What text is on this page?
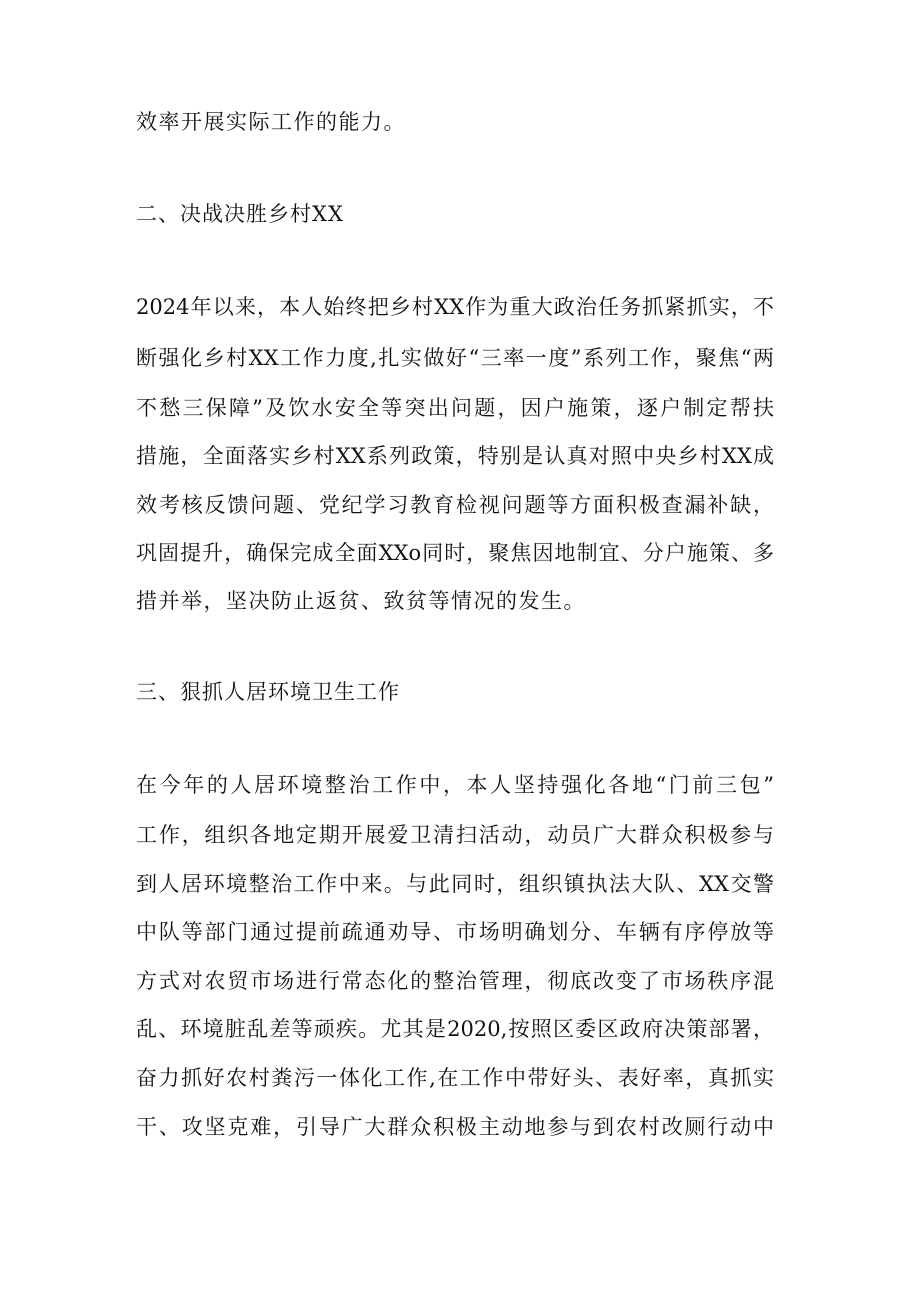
效率开展实际工作的能力。
二、决战决胜乡村XX
2024年以来，本人始终把乡村XX作为重大政治任务抓紧抓实，不
断强化乡村XX工作力度,扎实做好“三率一度”系列工作，聚焦“两
不愁三保障”及饮水安全等突出问题，因户施策，逐户制定帮扶
措施，全面落实乡村XX系列政策，特别是认真对照中央乡村XX成
效考核反馈问题、党纪学习教育检视问题等方面积极查漏补缺，
巩固提升，确保完成全面XXo同时，聚焦因地制宜、分户施策、多
措并举，坚决防止返贫、致贫等情况的发生。
三、狠抓人居环境卫生工作
在今年的人居环境整治工作中，本人坚持强化各地“门前三包”
工作，组织各地定期开展爱卫清扫活动，动员广大群众积极参与
到人居环境整治工作中来。与此同时，组织镇执法大队、XX交警
中队等部门通过提前疏通劝导、市场明确划分、车辆有序停放等
方式对农贸市场进行常态化的整治管理，彻底改变了市场秩序混
乱、环境脏乱差等顽疾。尤其是2020,按照区委区政府决策部署，
奋力抓好农村粪污一体化工作,在工作中带好头、表好率，真抓实
干、攻坚克难，引导广大群众积极主动地参与到农村改厕行动中
